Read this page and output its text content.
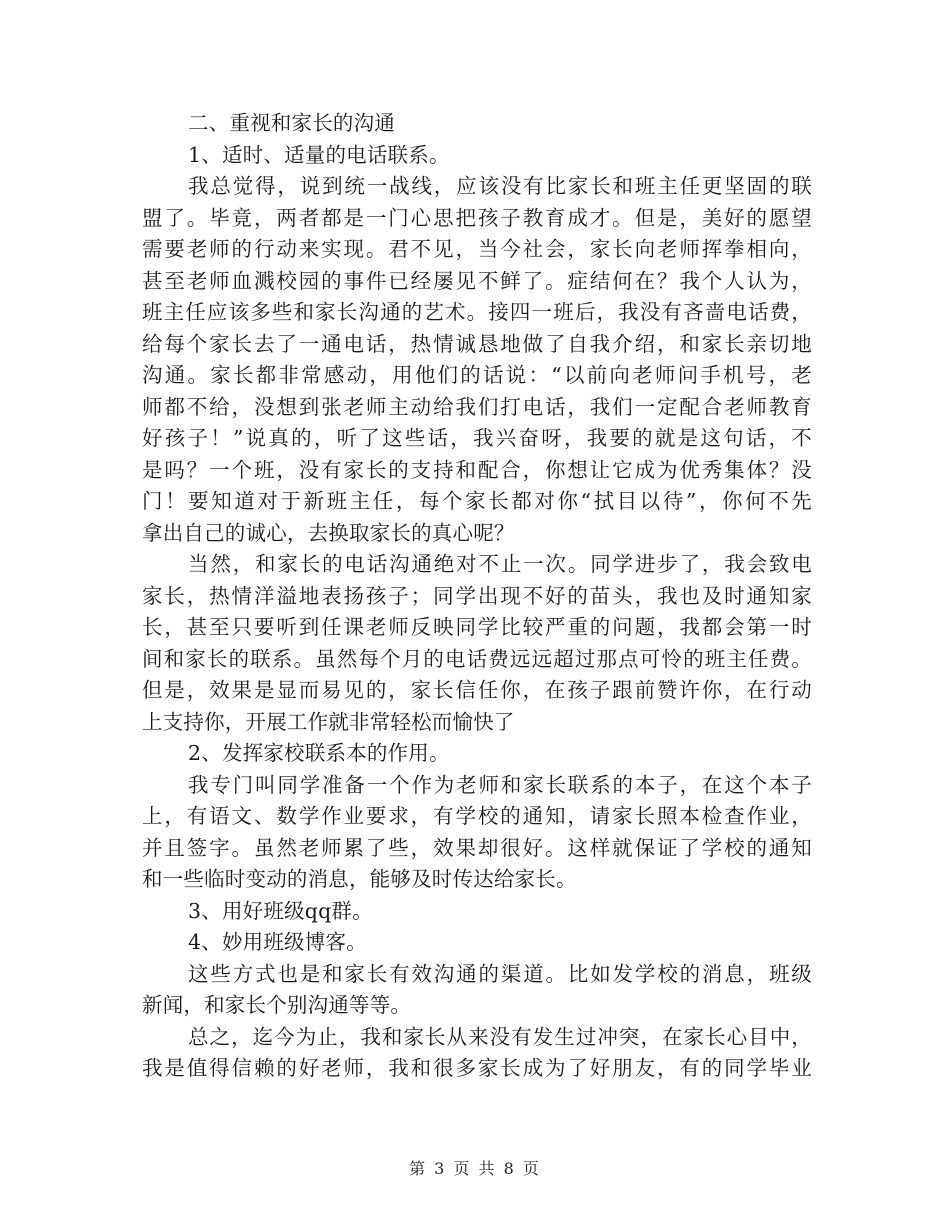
二、重视和家长的沟通
1、适时、适量的电话联系。
我总觉得，说到统一战线，应该没有比家长和班主任更坚固的联
盟了。毕竟，两者都是一门心思把孩子教育成才。但是，美好的愿望
需要老师的行动来实现。君不见，当今社会，家长向老师挥拳相向，
甚至老师血溅校园的事件已经屡见不鲜了。症结何在？我个人认为，
班主任应该多些和家长沟通的艺术。接四一班后，我没有吝啬电话费，
给每个家长去了一通电话，热情诚恳地做了自我介绍，和家长亲切地
沟通。家长都非常感动，用他们的话说：“以前向老师问手机号，老
师都不给，没想到张老师主动给我们打电话，我们一定配合老师教育
好孩子！”说真的，听了这些话，我兴奋呀，我要的就是这句话，不
是吗？一个班，没有家长的支持和配合，你想让它成为优秀集体？没
门！要知道对于新班主任，每个家长都对你“拭目以待”，你何不先
拿出自己的诚心，去换取家长的真心呢？
当然，和家长的电话沟通绝对不止一次。同学进步了，我会致电
家长，热情洋溢地表扬孩子；同学出现不好的苗头，我也及时通知家
长，甚至只要听到任课老师反映同学比较严重的问题，我都会第一时
间和家长的联系。虽然每个月的电话费远远超过那点可怜的班主任费。
但是，效果是显而易见的，家长信任你，在孩子跟前赞许你，在行动
上支持你，开展工作就非常轻松而愉快了
2、发挥家校联系本的作用。
我专门叫同学准备一个作为老师和家长联系的本子，在这个本子
上，有语文、数学作业要求，有学校的通知，请家长照本检查作业，
并且签字。虽然老师累了些，效果却很好。这样就保证了学校的通知
和一些临时变动的消息，能够及时传达给家长。
3、用好班级qq群。
4、妙用班级博客。
这些方式也是和家长有效沟通的渠道。比如发学校的消息，班级
新闻，和家长个别沟通等等。
总之，迄今为止，我和家长从来没有发生过冲突，在家长心目中，
我是值得信赖的好老师，我和很多家长成为了好朋友，有的同学毕业
第 3 页 共 8 页
